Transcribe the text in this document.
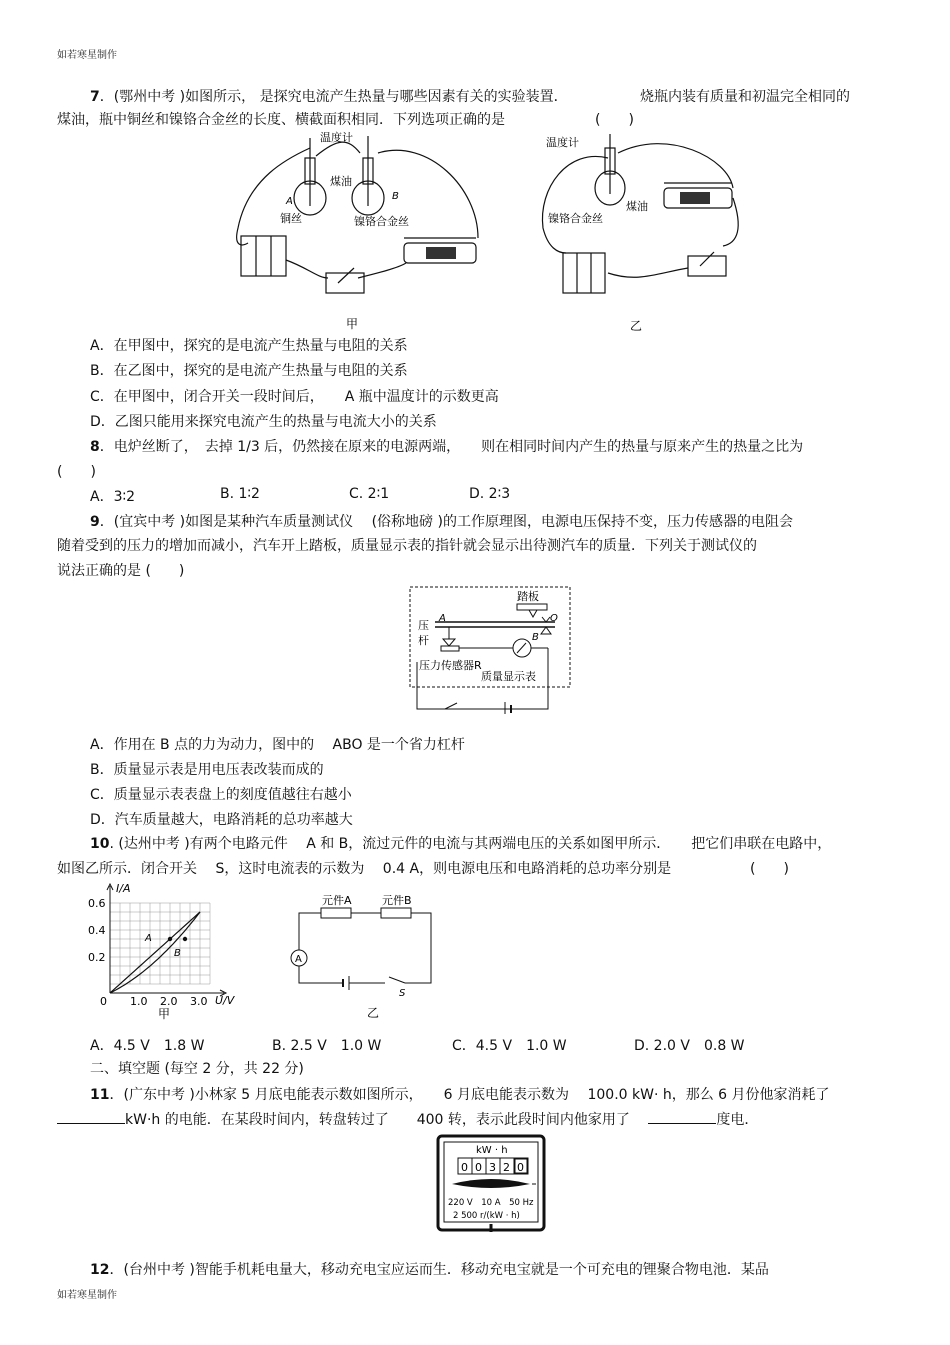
如若寒星制作
如若寒星制作
7．(鄂州中考 )如图所示， 是探究电流产生热量与哪些因素有关的实验装置．	烧瓶内装有质量和初温完全相同的
煤油，瓶中铜丝和镍铬合金丝的长度、横截面积相同．下列选项正确的是	(　　)
温度计
煤油
A	B
铜丝	镍铬合金丝
甲
温度计
镍铬合金丝
煤油
乙
A．在甲图中，探究的是电流产生热量与电阻的关系
B．在乙图中，探究的是电流产生热量与电阻的关系
C．在甲图中，闭合开关一段时间后，　　A 瓶中温度计的示数更高
D．乙图只能用来探究电流产生的热量与电流大小的关系
8．电炉丝断了，　去掉 1/3 后，仍然接在原来的电源两端，　　则在相同时间内产生的热量与原来产生的热量之比为
(　　)
A．3∶2	B. 1∶2	C. 2∶1	D. 2∶3
9．(宜宾中考 )如图是某种汽车质量测试仪　 (俗称地磅 )的工作原理图，电源电压保持不变，压力传感器的电阻会
随着受到的压力的增加而减小，汽车开上踏板，质量显示表的指针就会显示出待测汽车的质量．下列关于测试仪的
说法正确的是 (　　)
踏板
O
A
B
压
杆
压力传感器R
质量显示表
A．作用在 B 点的力为动力，图中的　 ABO 是一个省力杠杆
B．质量显示表是用电压表改装而成的
C．质量显示表表盘上的刻度值越往右越小
D．汽车质量越大，电路消耗的总功率越大
10. (达州中考 )有两个电路元件　 A 和 B，流过元件的电流与其两端电压的关系如图甲所示．　　把它们串联在电路中，
如图乙所示．闭合开关　 S，这时电流表的示数为　 0.4 A，则电源电压和电路消耗的总功率分别是	(　　)
I/A
U/V
0
0.6
0.4
0.2
1.0 2.0 3.0
A
B
甲
A
元件A	元件B
S
乙
A．4.5 V　1.8 W	B. 2.5 V　1.0 W	C．4.5 V　1.0 W	D. 2.0 V　0.8 W
二、填空题 (每空 2 分，共 22 分)
11．(广东中考 )小林家 5 月底电能表示数如图所示，　　6 月底电能表示数为　 100.0 kW· h，那么 6 月份他家消耗了
kW·h 的电能．在某段时间内，转盘转过了　　400 转，表示此段时间内他家用了　	度电．
kW · h
0 0 3 2 0
220 V　10 A　50 Hz
2 500 r/(kW · h)
12．(台州中考 )智能手机耗电量大，移动充电宝应运而生．移动充电宝就是一个可充电的锂聚合物电池．某品
